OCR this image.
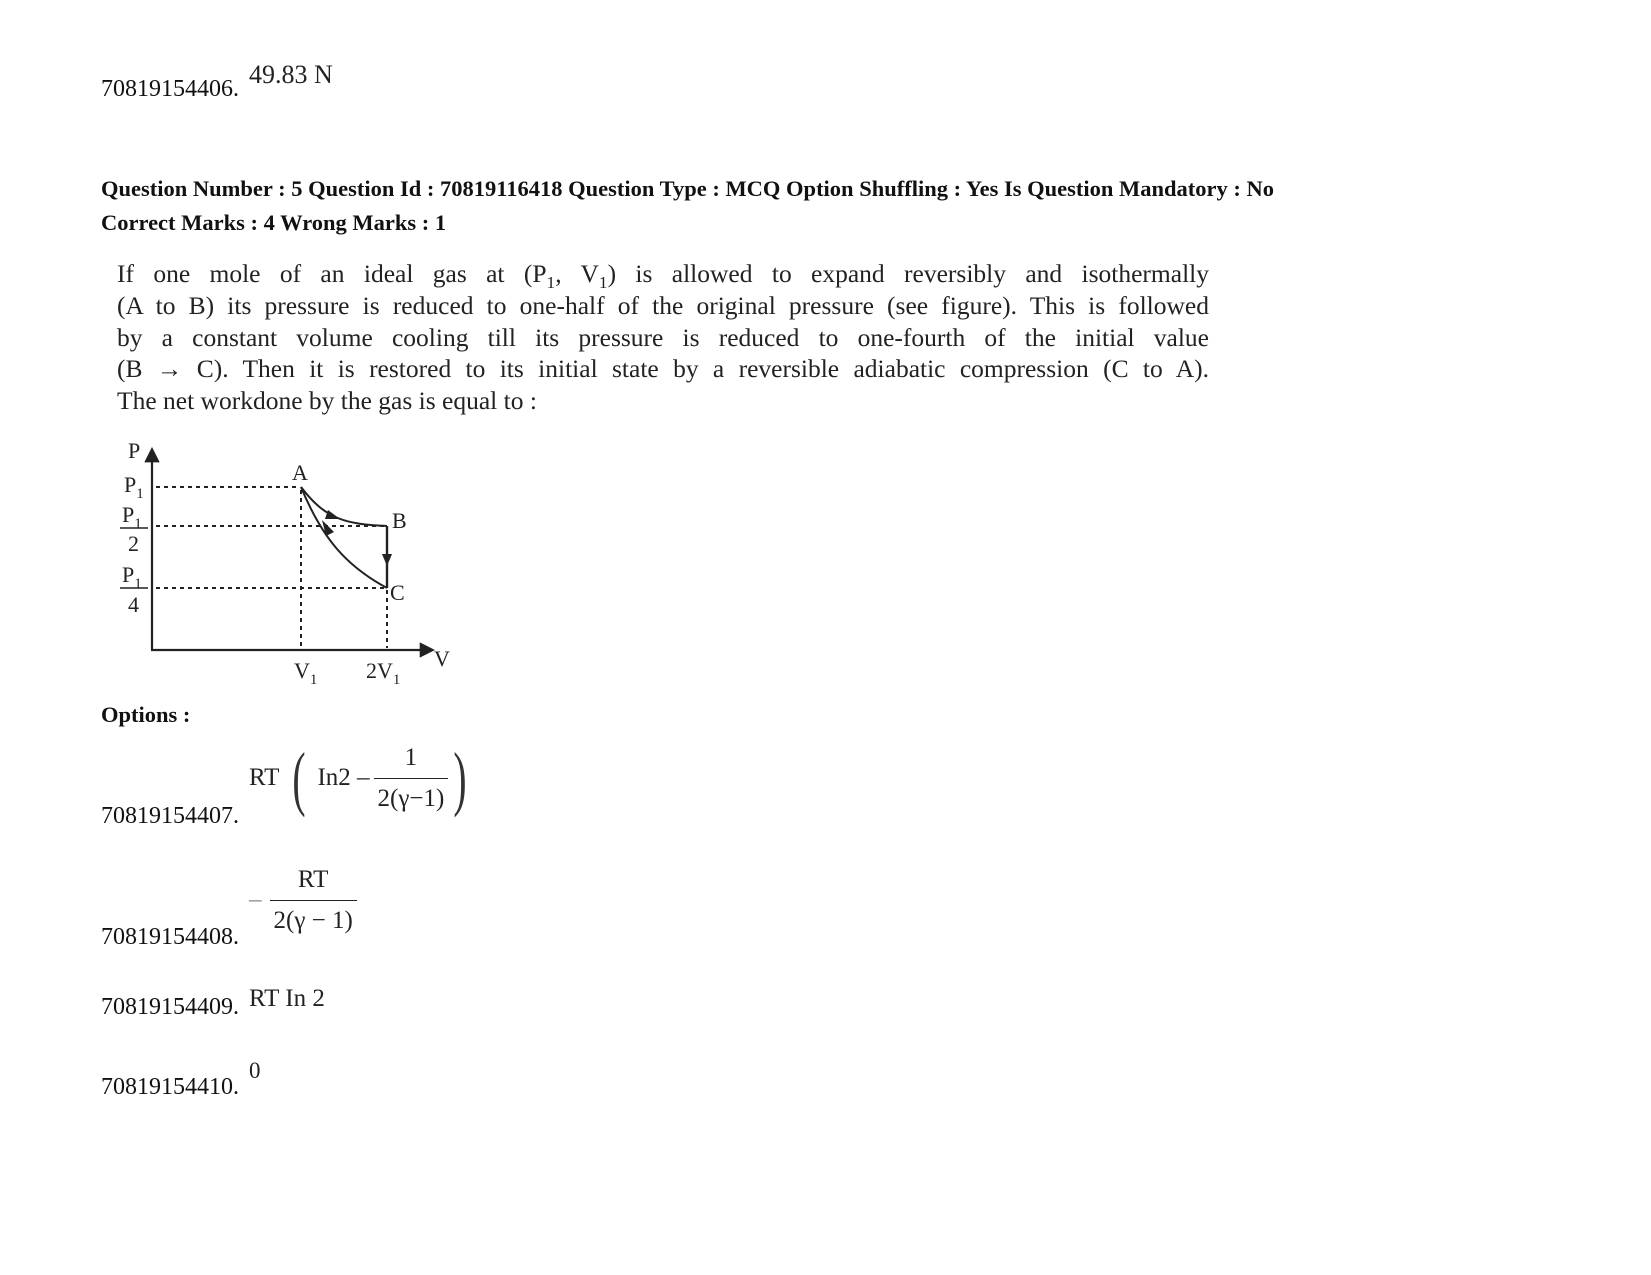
70819154406. 49.83 N
Question Number : 5 Question Id : 70819116418 Question Type : MCQ Option Shuffling : Yes Is Question Mandatory : No
Correct Marks : 4 Wrong Marks : 1
If one mole of an ideal gas at ($P_1$, $V_1$) is allowed to expand reversibly and isothermally
(A to B) its pressure is reduced to one-half of the original pressure (see figure). This is followed
by a constant volume cooling till its pressure is reduced to one-fourth of the initial value
(B → C). Then it is restored to its initial state by a reversible adiabatic compression (C to A).
The net workdone by the gas is equal to :
P
$P_1$
$P_1$
2
$P_1$
4
A
B
C
$V_1$ $2V_1$
V
Options :
70819154407.
RT ( $In2 - \frac{1}{2(\gamma-1)}$ )
70819154408.
– $\frac{RT}{2(\gamma - 1)}$
70819154409. RT In 2
70819154410.
0
